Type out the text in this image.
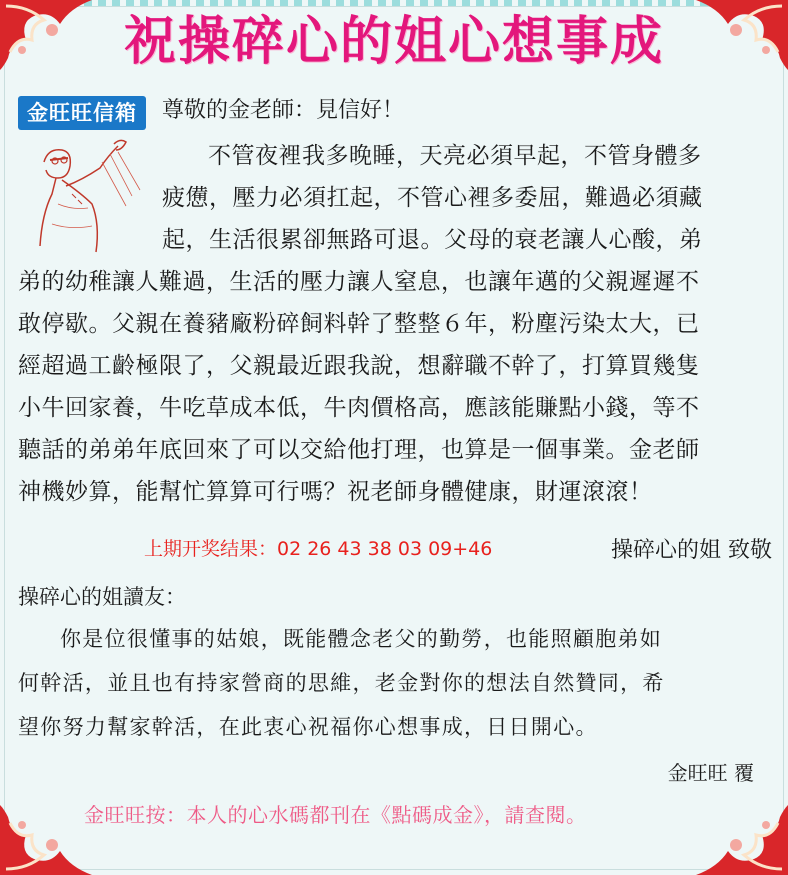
祝操碎心的姐心想事成
金旺旺信箱	尊敬的金老師：見信好！
不管夜裡我多晚睡，天亮必須早起，不管身體多
疲憊，壓力必須扛起，不管心裡多委屈，難過必須藏
起，生活很累卻無路可退。父母的衰老讓人心酸，弟
弟的幼稚讓人難過，生活的壓力讓人窒息，也讓年邁的父親遲遲不
敢停歇。父親在養豬廠粉碎飼料幹了整整６年，粉塵污染太大，已
經超過工齡極限了，父親最近跟我說，想辭職不幹了，打算買幾隻
小牛回家養，牛吃草成本低，牛肉價格高，應該能賺點小錢，等不
聽話的弟弟年底回來了可以交給他打理，也算是一個事業。金老師
神機妙算，能幫忙算算可行嗎？祝老師身體健康，財運滾滾！
上期开奖结果：02 26 43 38 03 09+46	操碎心的姐 致敬
操碎心的姐讀友：
你是位很懂事的姑娘，既能體念老父的勤勞，也能照顧胞弟如
何幹活，並且也有持家營商的思維，老金對你的想法自然贊同，希
望你努力幫家幹活，在此衷心祝福你心想事成，日日開心。
金旺旺 覆
金旺旺按：本人的心水碼都刊在《點碼成金》，請查閱。
